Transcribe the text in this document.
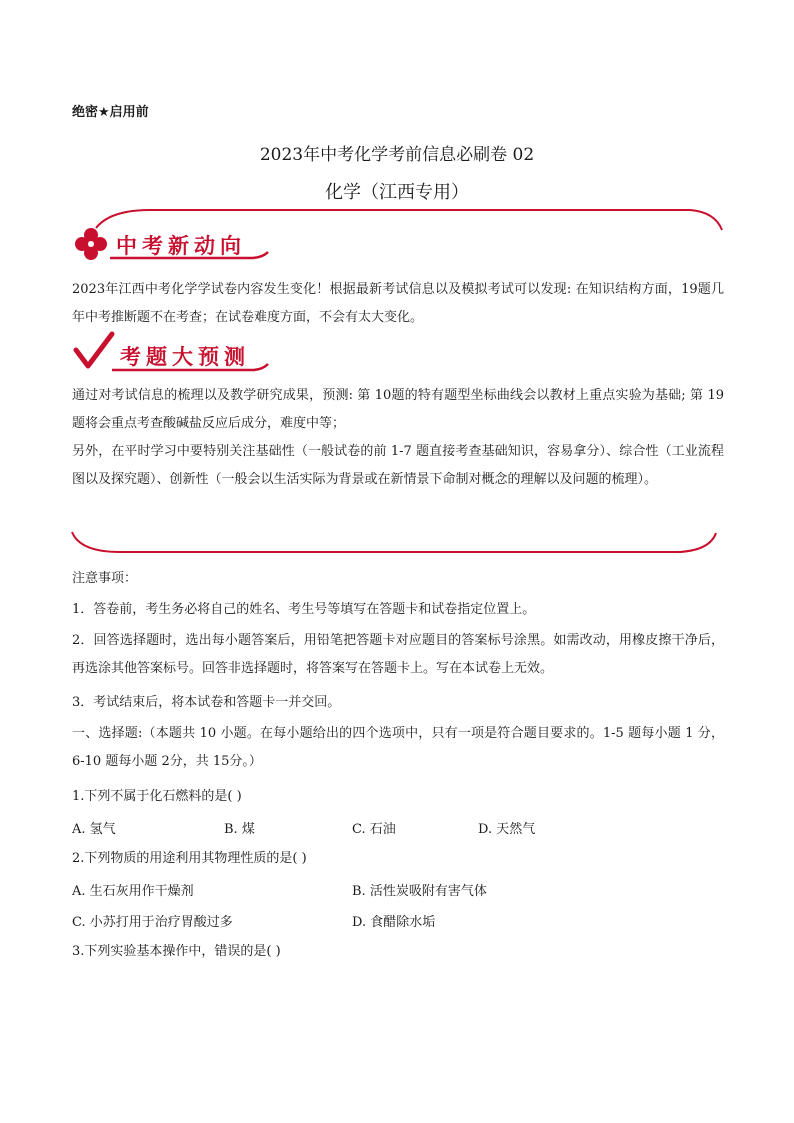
绝密★启用前
2023年中考化学考前信息必刷卷 02
化学（江西专用）
中考新动向
2023年江西中考化学学试卷内容发生变化！根据最新考试信息以及模拟考试可以发现: 在知识结构方面，19题几年中考推断题不在考查；在试卷难度方面，不会有太大变化。
考题大预测
通过对考试信息的梳理以及教学研究成果，预测: 第 10题的特有题型坐标曲线会以教材上重点实验为基础; 第 19 题将会重点考查酸碱盐反应后成分，难度中等；
另外，在平时学习中要特别关注基础性（一般试卷的前 1-7 题直接考查基础知识，容易拿分）、综合性（工业流程图以及探究题）、创新性（一般会以生活实际为背景或在新情景下命制对概念的理解以及问题的梳理）。
注意事项：
1．答卷前，考生务必将自己的姓名、考生号等填写在答题卡和试卷指定位置上。
2．回答选择题时，选出每小题答案后，用铅笔把答题卡对应题目的答案标号涂黑。如需改动，用橡皮擦干净后，再选涂其他答案标号。回答非选择题时，将答案写在答题卡上。写在本试卷上无效。
3．考试结束后，将本试卷和答题卡一并交回。
一、选择题:（本题共 10 小题。在每小题给出的四个选项中，只有一项是符合题目要求的。1-5 题每小题 1 分，6-10 题每小题 2分，共 15分。）
1.下列不属于化石燃料的是( )
A. 氢气	B. 煤	C. 石油	D. 天然气
2.下列物质的用途利用其物理性质的是( )
A. 生石灰用作干燥剂	B. 活性炭吸附有害气体
C. 小苏打用于治疗胃酸过多	D. 食醋除水垢
3.下列实验基本操作中，错误的是( )
